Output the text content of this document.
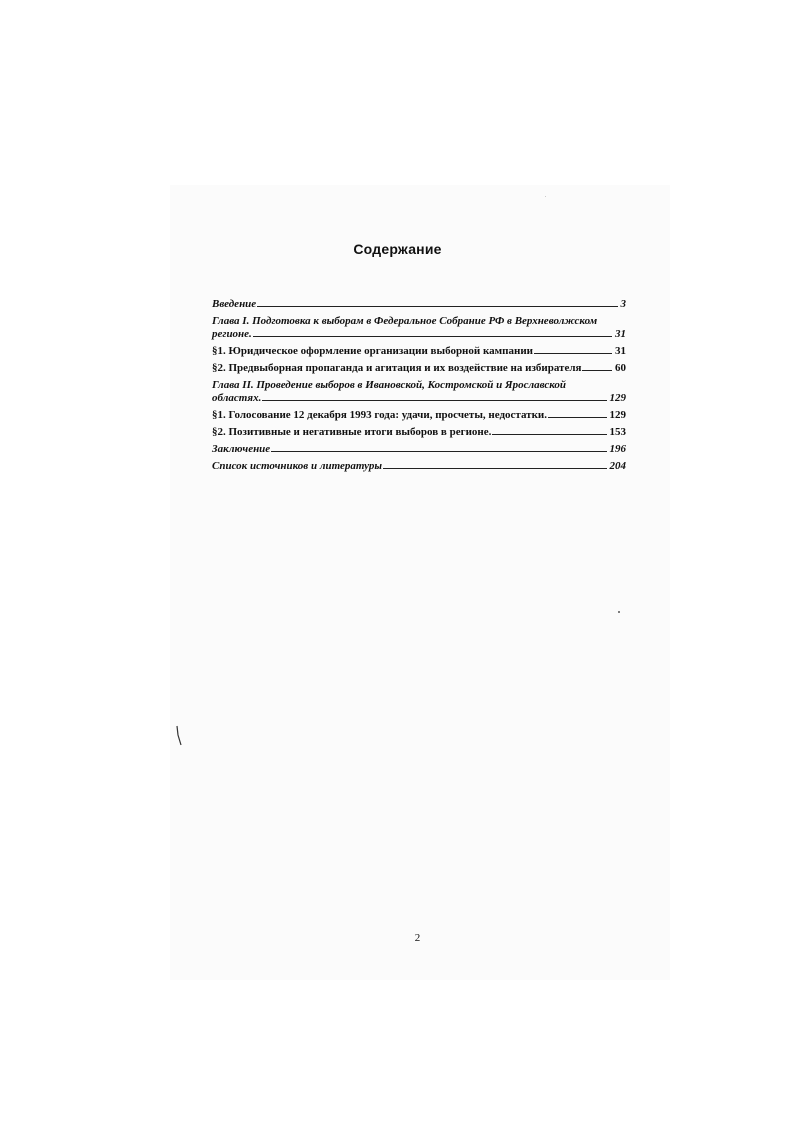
Содержание
Введение	3
Глава I. Подготовка к выборам в Федеральное Собрание РФ в Верхневолжском
регионе.	31
§1. Юридическое оформление организации выборной кампании	31
§2. Предвыборная пропаганда и агитация и их воздействие на избирателя	60
Глава II. Проведение выборов в Ивановской, Костромской и Ярославской
областях.	129
§1. Голосование 12 декабря 1993 года: удачи, просчеты, недостатки.	129
§2. Позитивные и негативные итоги выборов в регионе.	153
Заключение	196
Список источников и литературы	204
2
